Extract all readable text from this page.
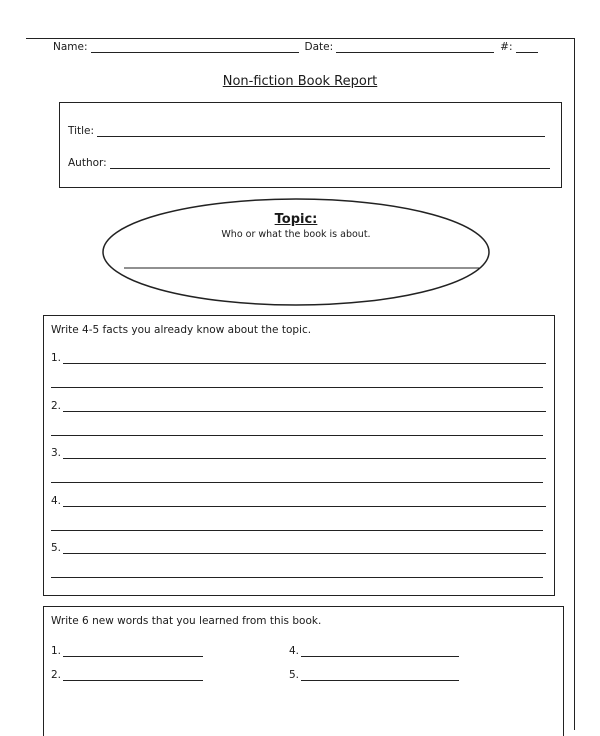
Name:	Date:	#:
Non-fiction Book Report
Title:
Author:
Topic:
Who or what the book is about.
Write 4-5 facts you already know about the topic.
1.
2.
3.
4.
5.
Write 6 new words that you learned from this book.
1.
2.
4.
5.
